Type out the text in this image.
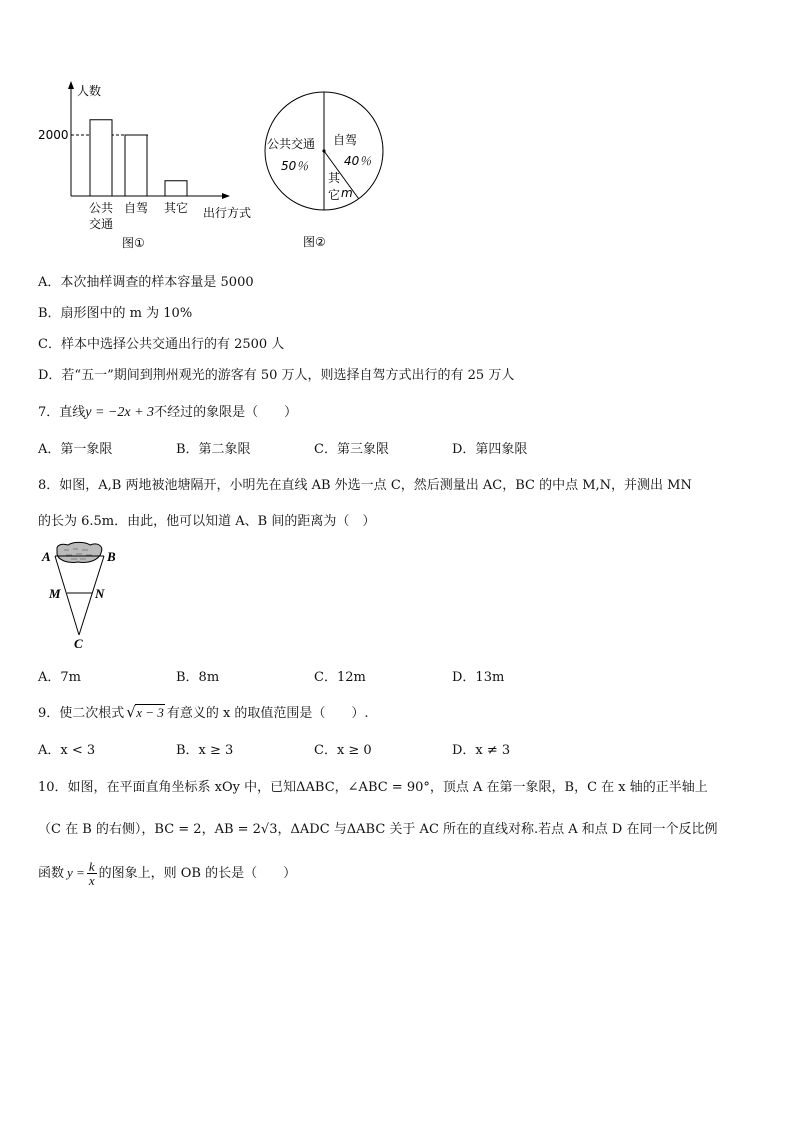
人数
2000
公共
交通
自驾 其它 出行方式
图①
公共交通
50％
自驾
40％
其
它 m
图②
A．本次抽样调查的样本容量是 5000
B．扇形图中的 m 为 10%
C．样本中选择公共交通出行的有 2500 人
D．若“五一”期间到荆州观光的游客有 50 万人，则选择自驾方式出行的有 25 万人
7．直线y = −2x + 3不经过的象限是（　　）
A．第一象限	B．第二象限	C．第三象限	D．第四象限
8．如图，A,B 两地被池塘隔开，小明先在直线 AB 外选一点 C，然后测量出 AC，BC 的中点 M,N，并测出 MN
的长为 6.5m．由此，他可以知道 A、B 间的距离为（　）
A	B
M	N
C
A．7m	B．8m	C．12m	D．13m
9．使二次根式 √ x − 3 有意义的 x 的取值范围是（　　）.
A．x < 3	B．x ≥ 3	C．x ≥ 0	D．x ≠ 3
10．如图，在平面直角坐标系 xOy 中，已知ΔABC，∠ABC = 90°，顶点 A 在第一象限，B，C 在 x 轴的正半轴上
（C 在 B 的右侧），BC = 2，AB = 2√3，ΔADC 与ΔABC 关于 AC 所在的直线对称.若点 A 和点 D 在同一个反比例
函数 $y = \frac{k}{x}$ 的图象上，则 OB 的长是（　　）
